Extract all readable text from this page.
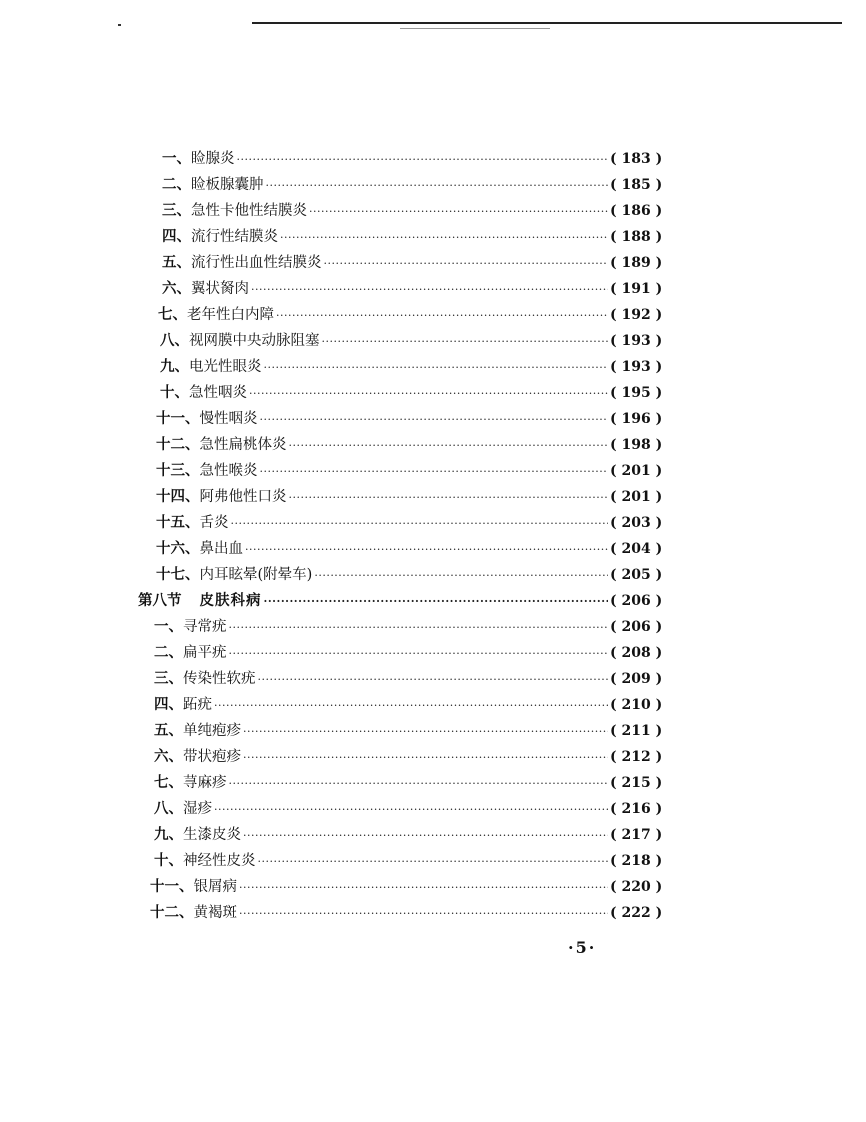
一、 睑腺炎 ·····	( 183 )
二、 睑板腺囊肿 ·····	( 185 )
三、 急性卡他性结膜炎 ·····	( 186 )
四、 流行性结膜炎 ·····	( 188 )
五、 流行性出血性结膜炎 ·····	( 189 )
六、 翼状胬肉 ·····	( 191 )
七、 老年性白内障 ·····	( 192 )
八、 视网膜中央动脉阻塞 ·····	( 193 )
九、 电光性眼炎 ·····	( 193 )
十、 急性咽炎 ·····	( 195 )
十一、 慢性咽炎 ·····	( 196 )
十二、 急性扁桃体炎 ·····	( 198 )
十三、 急性喉炎 ·····	( 201 )
十四、 阿弗他性口炎 ·····	( 201 )
十五、 舌炎 ·····	( 203 )
十六、 鼻出血 ·····	( 204 )
十七、 内耳眩晕(附晕车) ·····	( 205 )
第八节 皮肤科病 ·····	( 206 )
一、 寻常疣 ·····	( 206 )
二、 扁平疣 ·····	( 208 )
三、 传染性软疣 ·····	( 209 )
四、 跖疣 ·····	( 210 )
五、 单纯疱疹 ·····	( 211 )
六、 带状疱疹 ·····	( 212 )
七、 荨麻疹 ·····	( 215 )
八、 湿疹 ·····	( 216 )
九、 生漆皮炎 ·····	( 217 )
十、 神经性皮炎 ·····	( 218 )
十一、 银屑病 ·····	( 220 )
十二、 黄褐斑 ·····	( 222 )
·5·
